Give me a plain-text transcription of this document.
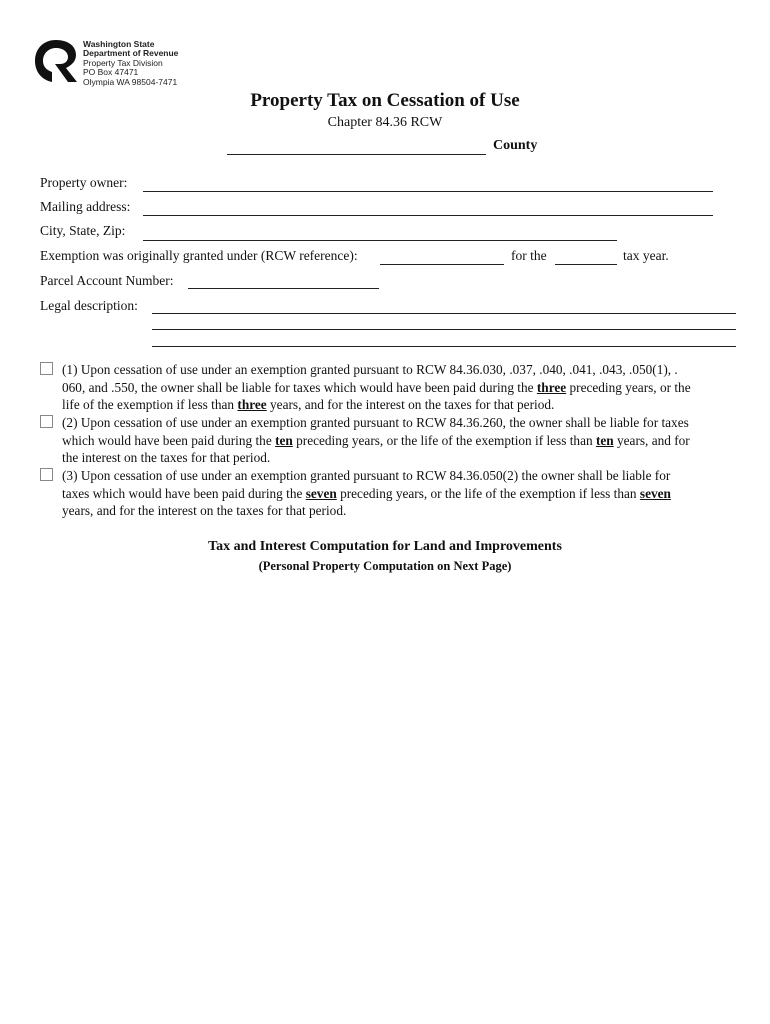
Washington State
Department of Revenue
Property Tax Division
PO Box 47471
Olympia WA 98504-7471
Property Tax on Cessation of Use
Chapter 84.36 RCW
County
Property owner:
Mailing address:
City, State, Zip:
Exemption was originally granted under (RCW reference):	for the	tax year.
Parcel Account Number:
Legal description:
(1) Upon cessation of use under an exemption granted pursuant to RCW 84.36.030, .037, .040, .041, .043, .050(1), .
060, and .550, the owner shall be liable for taxes which would have been paid during the three preceding years, or the
life of the exemption if less than three years, and for the interest on the taxes for that period.
(2) Upon cessation of use under an exemption granted pursuant to RCW 84.36.260, the owner shall be liable for taxes
which would have been paid during the ten preceding years, or the life of the exemption if less than ten years, and for
the interest on the taxes for that period.
(3) Upon cessation of use under an exemption granted pursuant to RCW 84.36.050(2) the owner shall be liable for
taxes which would have been paid during the seven preceding years, or the life of the exemption if less than seven
years, and for the interest on the taxes for that period.
Tax and Interest Computation for Land and Improvements
(Personal Property Computation on Next Page)
